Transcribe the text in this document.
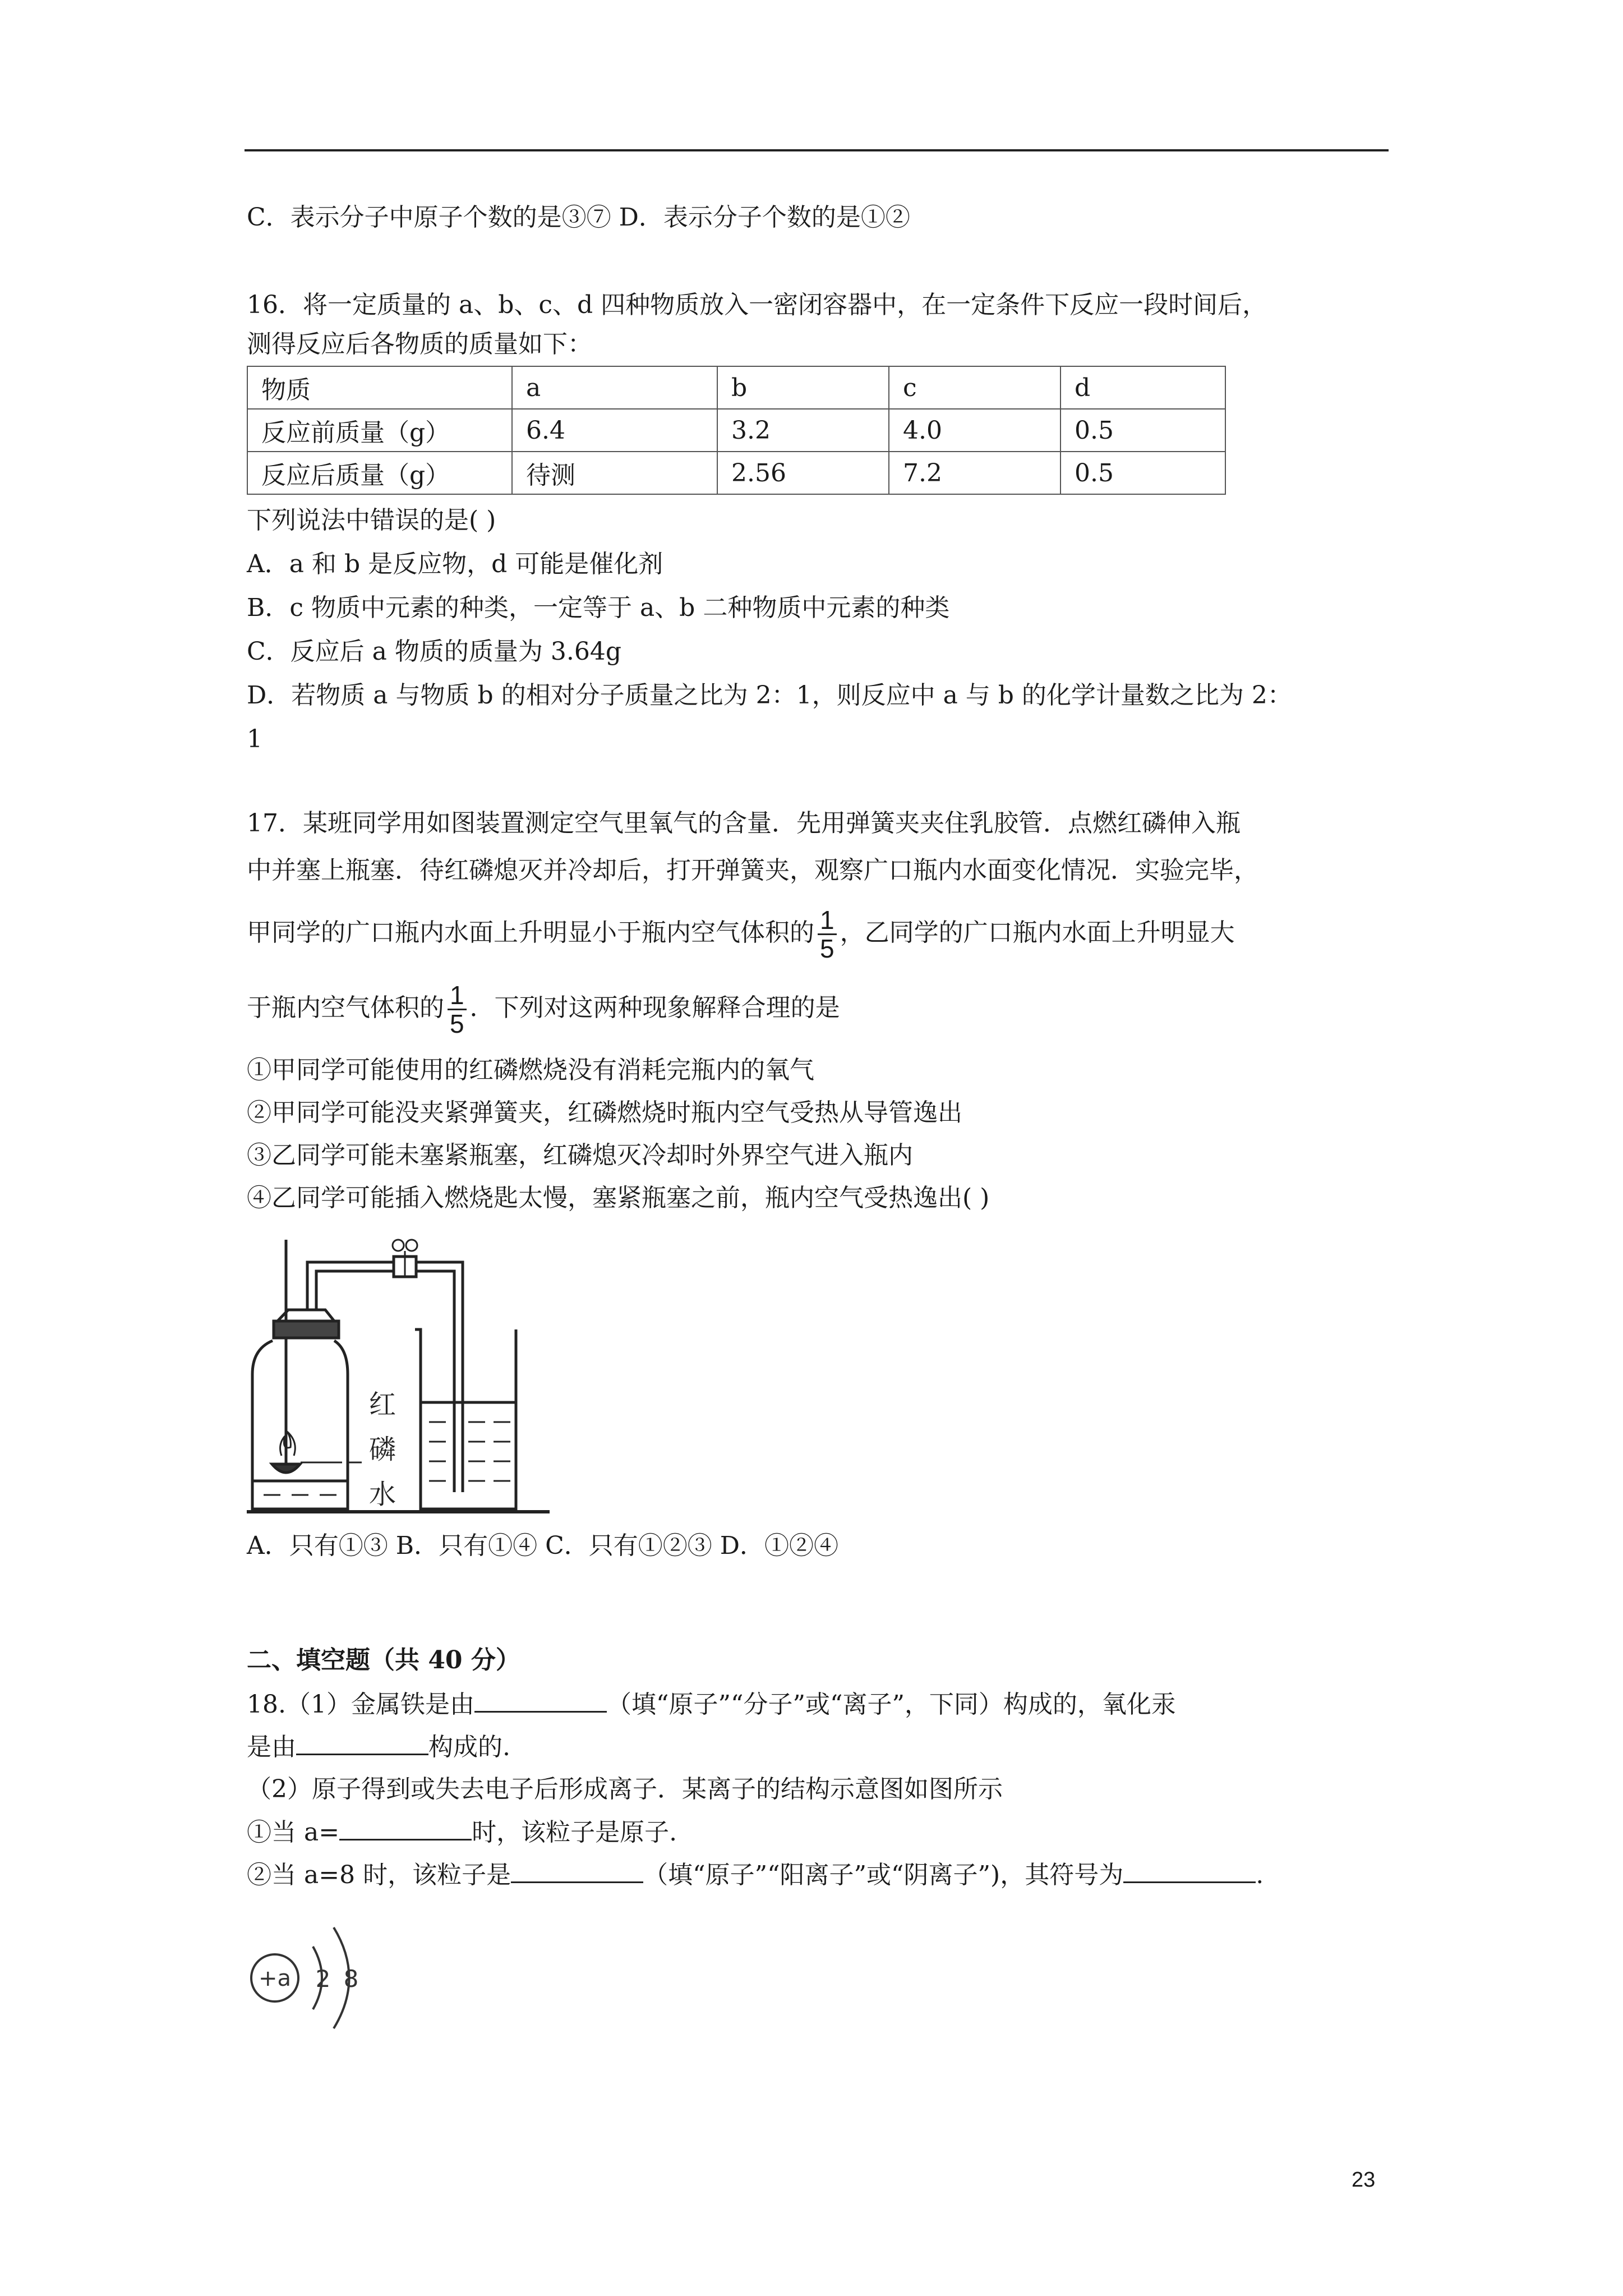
C．表示分子中原子个数的是③⑦ D．表示分子个数的是①②
16．将一定质量的 a、b、c、d 四种物质放入一密闭容器中，在一定条件下反应一段时间后，
测得反应后各物质的质量如下：
物质	a	b	c	d
反应前质量（g）	6.4	3.2	4.0	0.5
反应后质量（g）	待测	2.56	7.2	0.5
下列说法中错误的是( )
A．a 和 b 是反应物，d 可能是催化剂
B．c 物质中元素的种类，一定等于 a、b 二种物质中元素的种类
C．反应后 a 物质的质量为 3.64g
D．若物质 a 与物质 b 的相对分子质量之比为 2：1，则反应中 a 与 b 的化学计量数之比为 2：
1
17．某班同学用如图装置测定空气里氧气的含量．先用弹簧夹夹住乳胶管．点燃红磷伸入瓶
中并塞上瓶塞．待红磷熄灭并冷却后，打开弹簧夹，观察广口瓶内水面变化情况．实验完毕，
甲同学的广口瓶内水面上升明显小于瓶内空气体积的 $\frac{1}{5}$ ，乙同学的广口瓶内水面上升明显大
于瓶内空气体积的 $\frac{1}{5}$ ．下列对这两种现象解释合理的是
①甲同学可能使用的红磷燃烧没有消耗完瓶内的氧气
②甲同学可能没夹紧弹簧夹，红磷燃烧时瓶内空气受热从导管逸出
③乙同学可能未塞紧瓶塞，红磷熄灭冷却时外界空气进入瓶内
④乙同学可能插入燃烧匙太慢，塞紧瓶塞之前，瓶内空气受热逸出( )
红
磷
水
A．只有①③ B．只有①④ C．只有①②③ D．①②④
二、填空题（共 40 分）
18.（1）金属铁是由	（填“原子”“分子”或“离子”，下同）构成的，氧化汞
是由	构成的.
（2）原子得到或失去电子后形成离子．某离子的结构示意图如图所示
①当 a=	时，该粒子是原子.
②当 a=8 时，该粒子是	（填“原子”“阳离子”或“阴离子”)，其符号为	.
+a 2 8
23
